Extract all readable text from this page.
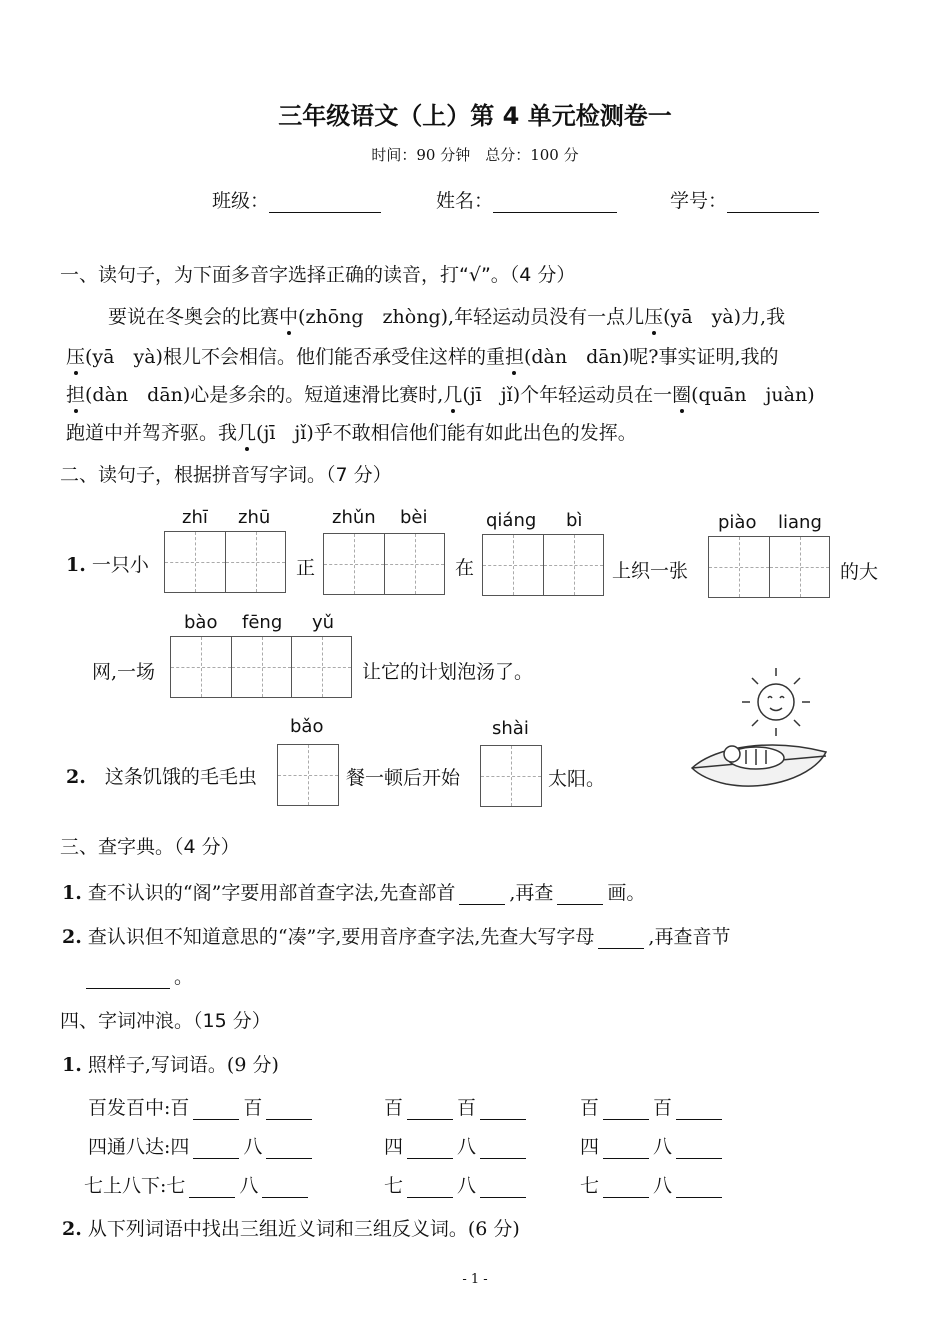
三年级语文（上）第 4 单元检测卷一
时间：90 分钟　总分：100 分
班级：	姓名：	学号：
一、读句子，为下面多音字选择正确的读音，打“√”。（4 分）
要说在冬奥会的比赛中(zhōng　zhòng),年轻运动员没有一点儿压(yā　yà)力,我
压(yā　yà)根儿不会相信。他们能否承受住这样的重担(dàn　dān)呢?事实证明,我的
担(dàn　dān)心是多余的。短道速滑比赛时,几(jī　jǐ)个年轻运动员在一圈(quān　juàn)
跑道中并驾齐驱。我几(jī　jǐ)乎不敢相信他们能有如此出色的发挥。
二、读句子，根据拼音写字词。（7 分）
zhī zhū	zhǔn bèi	qiáng bì	piào liang
1. 一只小	正	在	上织一张	的大
bào fēng yǔ
网,一场	让它的计划泡汤了。
bǎo	shài
2.　 这条饥饿的毛毛虫	餐一顿后开始	太阳。
三、查字典。（4 分）
1. 查不认识的“阁”字要用部首查字法,先查部首	,再查	画。
2. 查认识但不知道意思的“凑”字,要用音序查字法,先查大写字母	,再查音节
。
四、字词冲浪。（15 分）
1. 照样子,写词语。(9 分)
百发百中:百	百	百	百	百	百
四通八达:四	八	四	八	四	八
七上八下:七	八	七	八	七	八
2. 从下列词语中找出三组近义词和三组反义词。(6 分)
- 1 -
